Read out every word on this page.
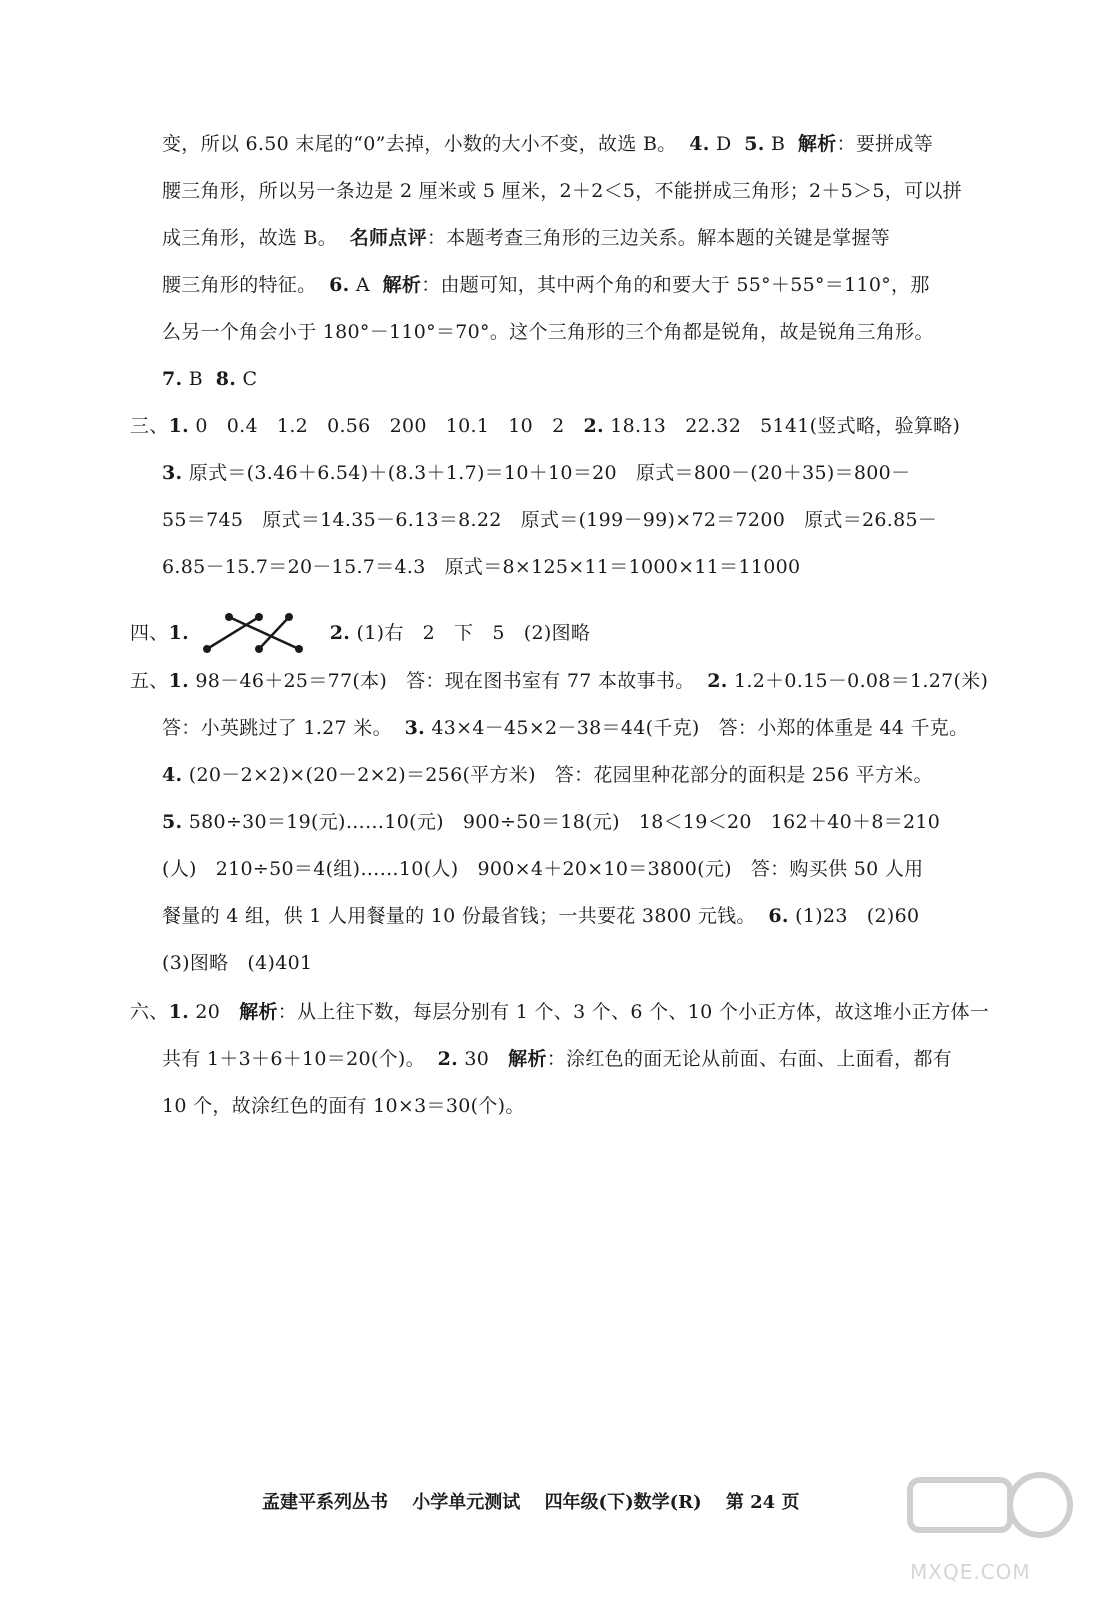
变，所以 6.50 末尾的“0”去掉，小数的大小不变，故选 B。  4. D  5. B  解析：要拼成等
腰三角形，所以另一条边是 2 厘米或 5 厘米，2＋2＜5，不能拼成三角形；2＋5＞5，可以拼
成三角形，故选 B。  名师点评：本题考查三角形的三边关系。解本题的关键是掌握等
腰三角形的特征。  6. A  解析：由题可知，其中两个角的和要大于 55°＋55°＝110°，那
么另一个角会小于 180°－110°＝70°。这个三角形的三个角都是锐角，故是锐角三角形。
7. B  8. C
三、1. 0   0.4   1.2   0.56   200   10.1   10   2   2. 18.13   22.32   5141(竖式略，验算略)
3. 原式＝(3.46＋6.54)＋(8.3＋1.7)＝10＋10＝20   原式＝800－(20＋35)＝800－
55＝745   原式＝14.35－6.13＝8.22   原式＝(199－99)×72＝7200   原式＝26.85－
6.85－15.7＝20－15.7＝4.3   原式＝8×125×11＝1000×11＝11000
四、1.	2. (1)右   2   下   5   (2)图略
五、1. 98－46＋25＝77(本)   答：现在图书室有 77 本故事书。  2. 1.2＋0.15－0.08＝1.27(米)
答：小英跳过了 1.27 米。  3. 43×4－45×2－38＝44(千克)   答：小郑的体重是 44 千克。
4. (20－2×2)×(20－2×2)＝256(平方米)   答：花园里种花部分的面积是 256 平方米。
5. 580÷30＝19(元)……10(元)   900÷50＝18(元)   18＜19＜20   162＋40＋8＝210
(人)   210÷50＝4(组)……10(人)   900×4＋20×10＝3800(元)   答：购买供 50 人用
餐量的 4 组，供 1 人用餐量的 10 份最省钱；一共要花 3800 元钱。  6. (1)23   (2)60
(3)图略   (4)401
六、1. 20   解析：从上往下数，每层分别有 1 个、3 个、6 个、10 个小正方体，故这堆小正方体一
共有 1＋3＋6＋10＝20(个)。  2. 30   解析：涂红色的面无论从前面、右面、上面看，都有
10 个，故涂红色的面有 10×3＝30(个)。
孟建平系列丛书 小学单元测试 四年级(下)数学(R) 第 24 页
MXQE.COM
